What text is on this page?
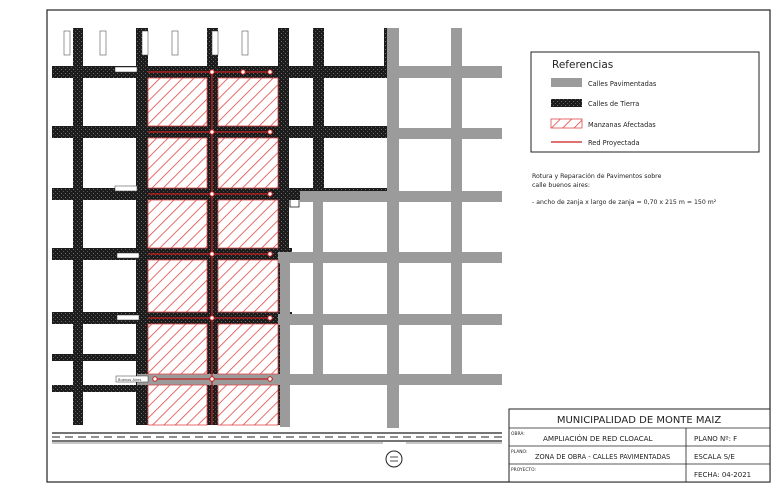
Buenos Aires
Referencias
Calles Pavimentadas
Calles de Tierra
Manzanas Afectadas
Red Proyectada
Rotura y Reparación de Pavimentos sobre
calle buenos aires:
- ancho de zanja x largo de zanja = 0,70 x 215 m = 150 m²
MUNICIPALIDAD DE MONTE MAIZ
OBRA:	AMPLIACIÓN DE RED CLOACAL
PLANO:
ZONA DE OBRA - CALLES PAVIMENTADAS
PROYECTO:
PLANO Nº: F
ESCALA S/E
FECHA: 04-2021
